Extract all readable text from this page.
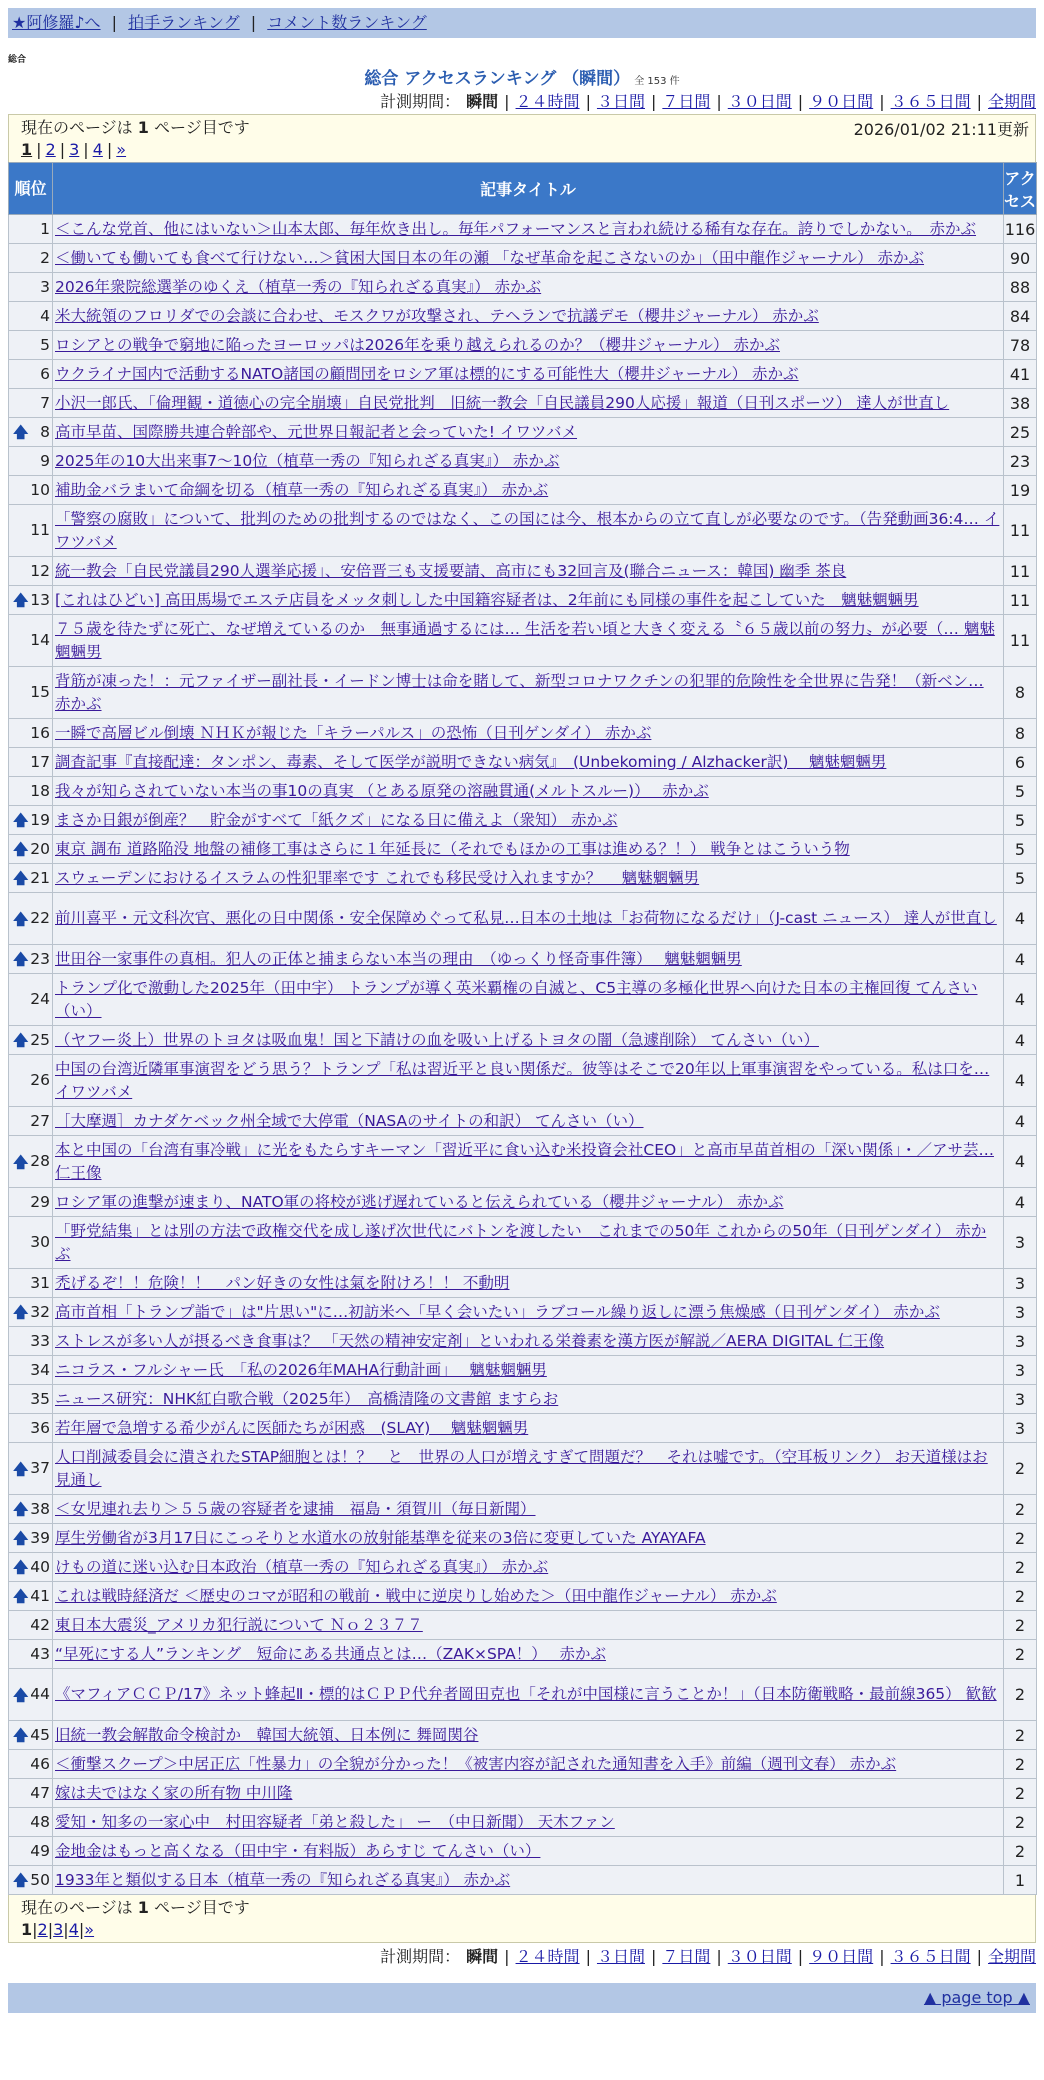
★阿修羅♪へ | 拍手ランキング | コメント数ランキング
総合
総合 アクセスランキング （瞬間） 全 153 件
計測期間： 瞬間 | ２４時間 | ３日間 | ７日間 | ３０日間 | ９０日間 | ３６５日間 | 全期間
現在のページは 1 ページ目です	2026/01/02 21:11更新
1 | 2 | 3 | 4 | »
順位	記事タイトル	アクセス
1	＜こんな党首、他にはいない＞山本太郎、毎年炊き出し。毎年パフォーマンスと言われ続ける稀有な存在。誇りでしかない。　赤かぶ	116
2	＜働いても働いても食べて行けない…＞貧困大国日本の年の瀬 「なぜ革命を起こさないのか」（田中龍作ジャーナル） 赤かぶ	90
3	2026年衆院総選挙のゆくえ（植草一秀の『知られざる真実』） 赤かぶ	88
4	米大統領のフロリダでの会談に合わせ、モスクワが攻撃され、テヘランで抗議デモ（櫻井ジャーナル） 赤かぶ	84
5	ロシアとの戦争で窮地に陥ったヨーロッパは2026年を乗り越えられるのか？（櫻井ジャーナル） 赤かぶ	78
6	ウクライナ国内で活動するNATO諸国の顧問団をロシア軍は標的にする可能性大（櫻井ジャーナル） 赤かぶ	41
7	小沢一郎氏、「倫理観・道徳心の完全崩壊」自民党批判　旧統一教会「自民議員290人応援」報道（日刊スポーツ） 達人が世直し	38

🡅 8	高市早苗、国際勝共連合幹部や、元世界日報記者と会っていた! イワツバメ	25
9	2025年の10大出来事7～10位（植草一秀の『知られざる真実』） 赤かぶ	23
10	補助金バラまいて命綱を切る（植草一秀の『知られざる真実』） 赤かぶ	19
11	「警察の腐敗」について、批判のための批判するのではなく、この国には今、根本からの立て直しが必要なのです。（告発動画36:4… イワツバメ	11
12	統一教会「自民党議員290人選挙応援」、安倍晋三も支援要請、高市にも32回言及(聯合ニュース：韓国) 幽季 茶良	11

🡅 13	[これはひどい] 高田馬場でエステ店員をメッタ刺しした中国籍容疑者は、2年前にも同様の事件を起こしていた　魑魅魍魎男	11
14	７５歳を待たずに死亡、なぜ増えているのか　無事通過するには… 生活を若い頃と大きく変える〝６５歳以前の努力〟が必要（… 魑魅魍魎男	11
15	背筋が凍った！：元ファイザー副社長・イードン博士は命を賭して、新型コロナワクチンの犯罪的危険性を全世界に告発！（新ベン… 赤かぶ	8
16	一瞬で高層ビル倒壊 ＮＨＫが報じた「キラーパルス」の恐怖（日刊ゲンダイ） 赤かぶ	8
17	調査記事『直接配達：タンポン、毒素、そして医学が説明できない病気』　(Unbekoming / Alzhacker訳)　 魑魅魍魎男	6
18	我々が知らされていない本当の事10の真実 （とある原発の溶融貫通(メルトスルー)）　 赤かぶ	5

🡅 19	まさか日銀が倒産？　貯金がすべて「紙クズ」になる日に備えよ（衆知） 赤かぶ	5

🡅 20	東京 調布 道路陥没 地盤の補修工事はさらに１年延長に（それでもほかの工事は進める？！） 戦争とはこういう物	5

🡅 21	スウェーデンにおけるイスラムの性犯罪率です これでも移民受け入れますか？　 魑魅魍魎男	5

🡅 22	前川喜平・元文科次官、悪化の日中関係・安全保障めぐって私見…日本の土地は「お荷物になるだけ」（J-cast ニュース） 達人が世直し	4

🡅 23	世田谷一家事件の真相。犯人の正体と捕まらない本当の理由　（ゆっくり怪奇事件簿）　 魑魅魍魎男	4
24	トランプ化で激動した2025年（田中宇） トランプが導く英米覇権の自滅と、C5主導の多極化世界へ向けた日本の主権回復 てんさい（い）	4

🡅 25	（ヤフー炎上）世界のトヨタは吸血鬼！国と下請けの血を吸い上げるトヨタの闇（急遽削除） てんさい（い）	4
26	中国の台湾近隣軍事演習をどう思う？トランプ「私は習近平と良い関係だ。彼等はそこで20年以上軍事演習をやっている。私は口を… イワツバメ	4
27	［大摩週］カナダケベック州全域で大停電（NASAのサイトの和訳） てんさい（い）	4

🡅 28	本と中国の「台湾有事冷戦」に光をもたらすキーマン「習近平に食い込む米投資会社CEO」と高市早苗首相の「深い関係」・／アサ芸… 仁王像	4
29	ロシア軍の進撃が速まり、NATO軍の将校が逃げ遅れていると伝えられている（櫻井ジャーナル） 赤かぶ	4
30	「野党結集」とは別の方法で政権交代を成し遂げ次世代にバトンを渡したい　これまでの50年 これからの50年（日刊ゲンダイ） 赤かぶ	3
31	禿げるぞ！！危険！！　パン好きの女性は氣を附けろ！！ 不動明	3

🡅 32	高市首相「トランプ詣で」は"片思い"に…初訪米へ「早く会いたい」ラブコール繰り返しに漂う焦燥感（日刊ゲンダイ） 赤かぶ	3
33	ストレスが多い人が摂るべき食事は？ 「天然の精神安定剤」といわれる栄養素を漢方医が解説／AERA DIGITAL 仁王像	3
34	ニコラス・フルシャー氏　「私の2026年MAHA行動計画」　 魑魅魍魎男	3
35	ニュース研究：NHK紅白歌合戦（2025年）　高橋清隆の文書館 ますらお	3
36	若年層で急増する希少がんに医師たちが困惑　(SLAY)　 魑魅魍魎男	3

🡅 37	人口削減委員会に潰されたSTAP細胞とは！？　と　世界の人口が増えすぎて問題だ？　それは嘘です。（空耳板リンク） お天道様はお見通し	2

🡅 38	＜女児連れ去り＞５５歳の容疑者を逮捕　福島・須賀川（毎日新聞）	2

🡅 39	厚生労働省が3月17日にこっそりと水道水の放射能基準を従来の3倍に変更していた AYAYAFA	2

🡅 40	けもの道に迷い込む日本政治（植草一秀の『知られざる真実』） 赤かぶ	2

🡅 41	これは戦時経済だ ＜歴史のコマが昭和の戦前・戦中に逆戻りし始めた＞（田中龍作ジャーナル） 赤かぶ	2
42	東日本大震災_アメリカ犯行説について Ｎｏ２３７７	2
43	“早死にする人”ランキング　短命にある共通点とは…（ZAK×SPA！）　 赤かぶ	2

🡅 44	《マフィアＣＣＰ/17》ネット蜂起Ⅱ・標的はＣＰＰ代弁者岡田克也「それが中国様に言うことか！」（日本防衛戦略・最前線365） 歓歓	2

🡅 45	旧統一教会解散命令検討か　韓国大統領、日本例に 舞岡関谷	2
46	＜衝撃スクープ＞中居正広「性暴力」の全貌が分かった！《被害内容が記された通知書を入手》前編（週刊文春） 赤かぶ	2
47	嫁は夫ではなく家の所有物 中川隆	2
48	愛知・知多の一家心中　村田容疑者「弟と殺した」 ー　（中日新聞） 天木ファン	2
49	金地金はもっと高くなる（田中宇・有料版）あらすじ てんさい（い）	2

🡅 50	1933年と類似する日本（植草一秀の『知られざる真実』） 赤かぶ	1
現在のページは 1 ページ目です
1|2|3|4|»
計測期間： 瞬間 | ２４時間 | ３日間 | ７日間 | ３０日間 | ９０日間 | ３６５日間 | 全期間
▲ page top ▲
